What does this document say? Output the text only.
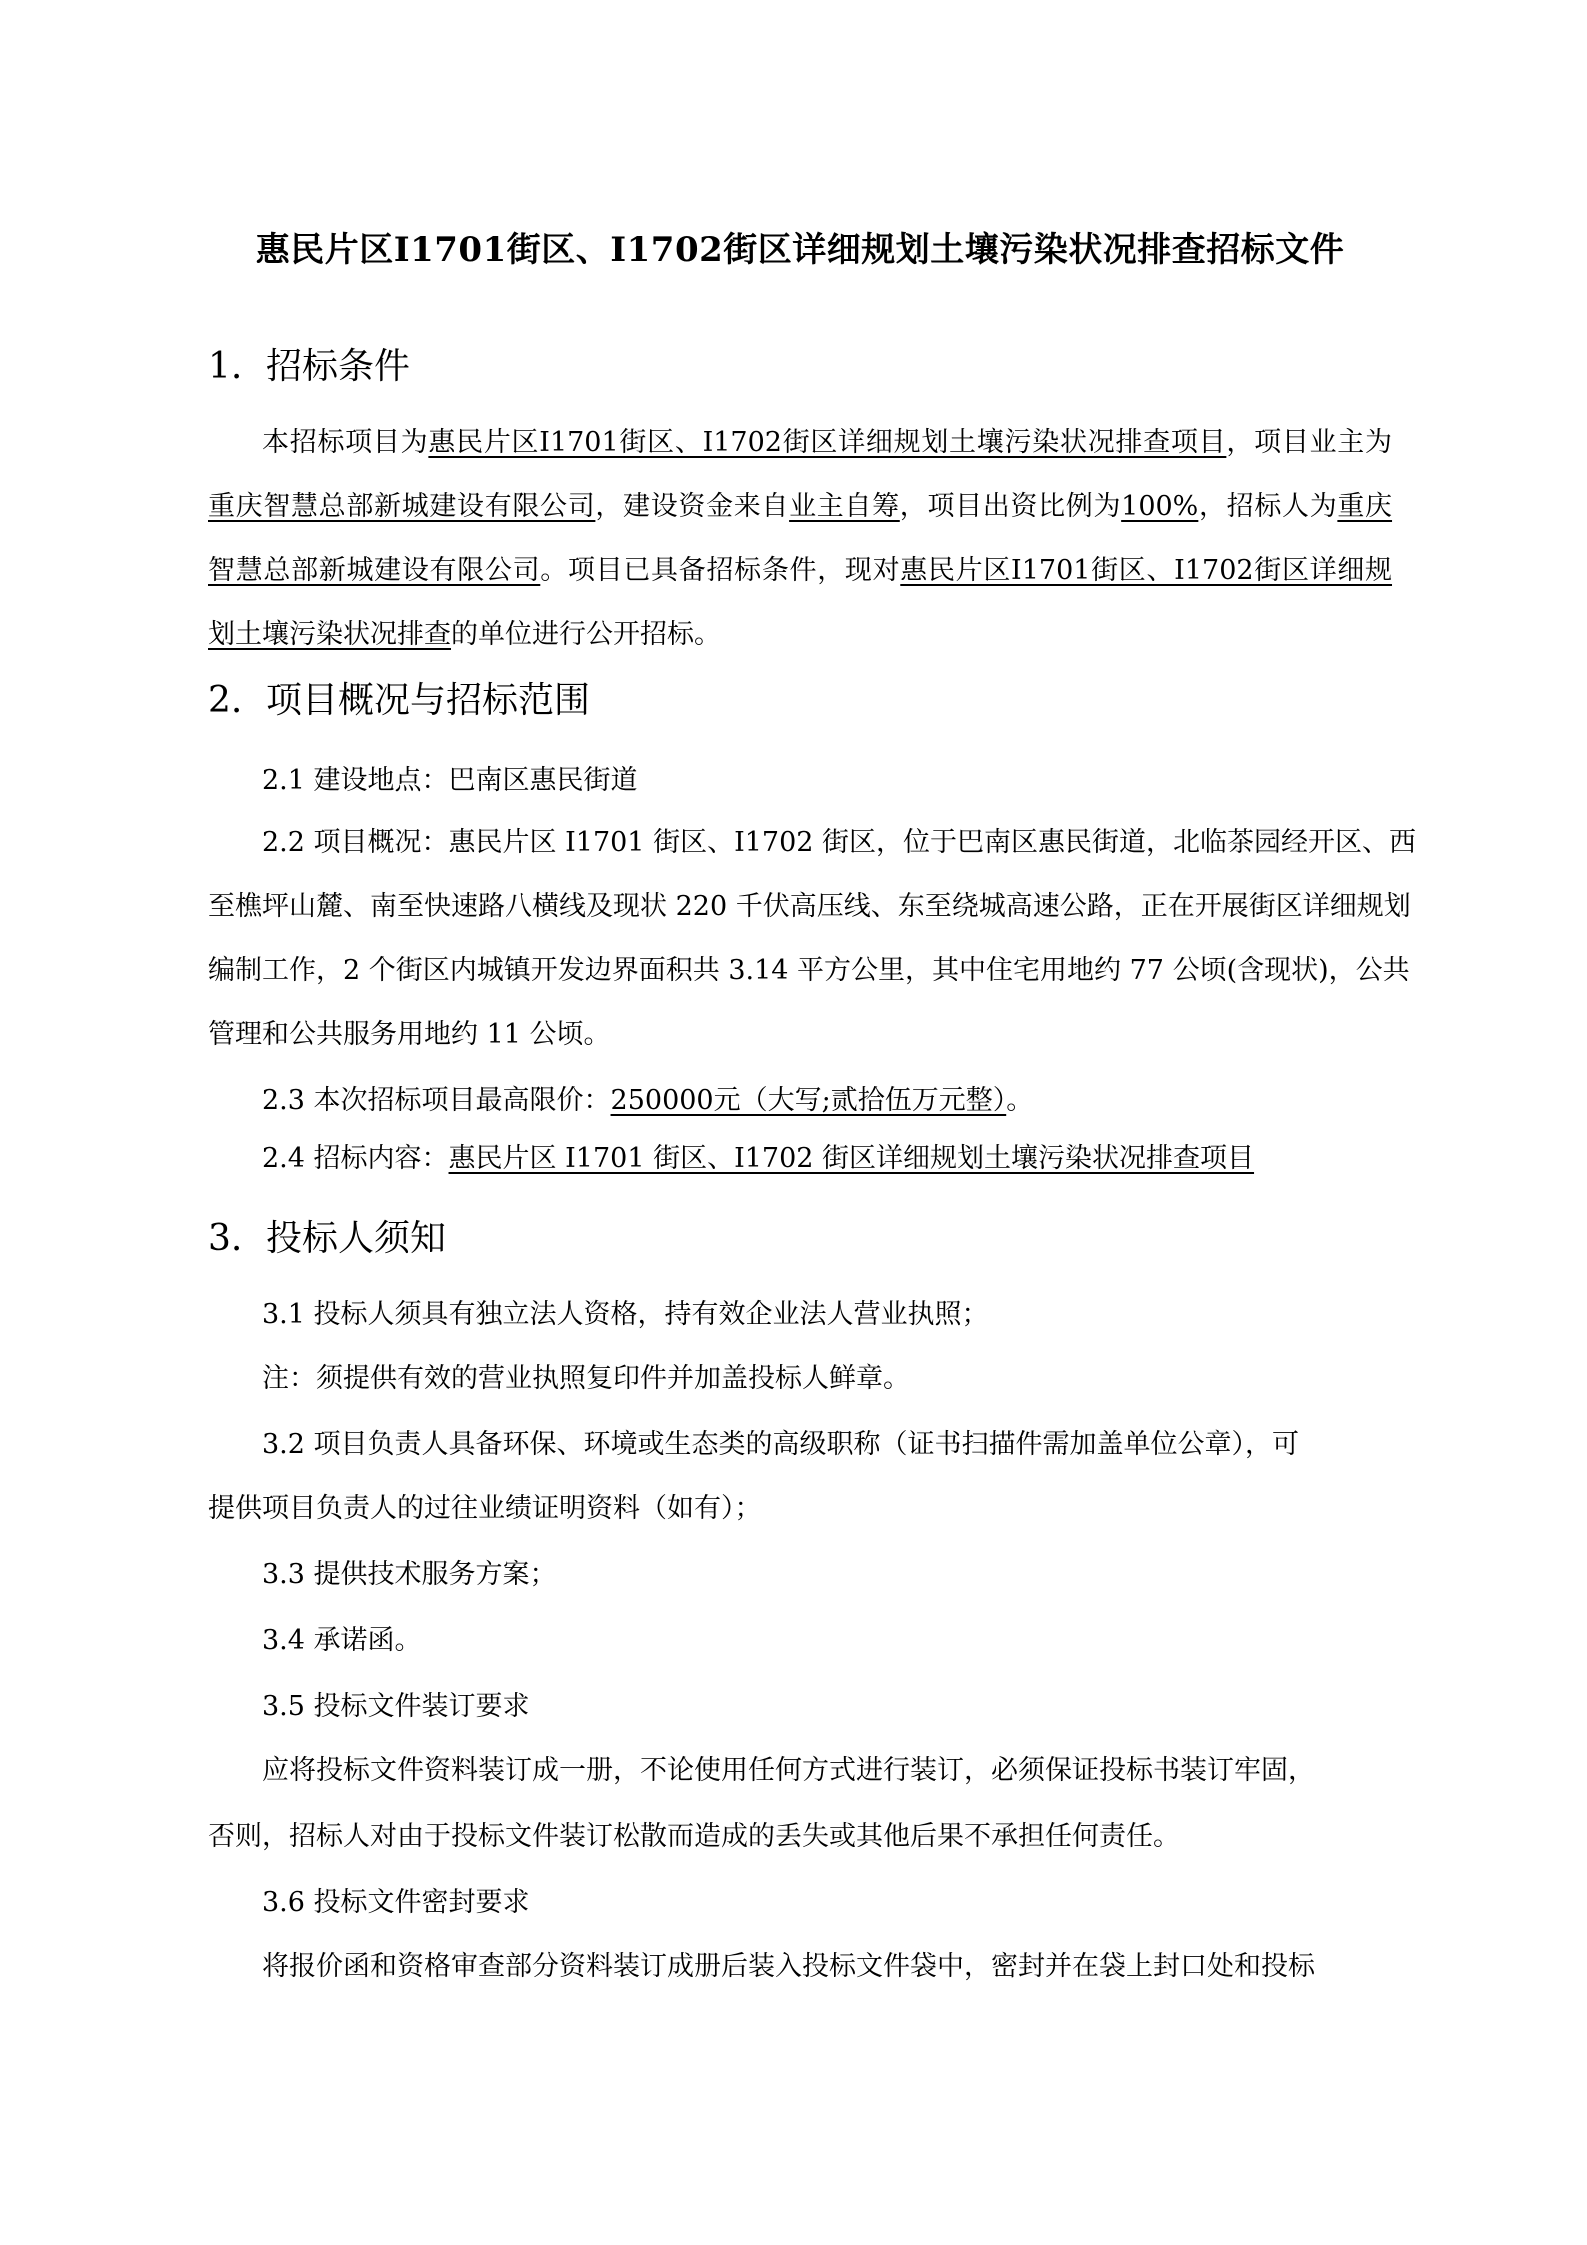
惠民片区I1701街区、I1702街区详细规划土壤污染状况排查招标文件
1. 招标条件
本招标项目为惠民片区I1701街区、I1702街区详细规划土壤污染状况排查项目，项目业主为
重庆智慧总部新城建设有限公司，建设资金来自业主自筹，项目出资比例为100%，招标人为重庆
智慧总部新城建设有限公司。项目已具备招标条件，现对惠民片区I1701街区、I1702街区详细规
划土壤污染状况排查的单位进行公开招标。
2. 项目概况与招标范围
2.1 建设地点：巴南区惠民街道
2.2 项目概况：惠民片区 I1701 街区、I1702 街区，位于巴南区惠民街道，北临茶园经开区、西
至樵坪山麓、南至快速路八横线及现状 220 千伏高压线、东至绕城高速公路，正在开展街区详细规划
编制工作，2 个街区内城镇开发边界面积共 3.14 平方公里，其中住宅用地约 77 公顷(含现状)，公共
管理和公共服务用地约 11 公顷。
2.3 本次招标项目最高限价：250000元（大写;贰拾伍万元整）。
2.4 招标内容：惠民片区 I1701 街区、I1702 街区详细规划土壤污染状况排查项目
3. 投标人须知
3.1 投标人须具有独立法人资格，持有效企业法人营业执照；
注：须提供有效的营业执照复印件并加盖投标人鲜章。
3.2 项目负责人具备环保、环境或生态类的高级职称（证书扫描件需加盖单位公章），可
提供项目负责人的过往业绩证明资料（如有）；
3.3 提供技术服务方案；
3.4 承诺函。
3.5 投标文件装订要求
应将投标文件资料装订成一册，不论使用任何方式进行装订，必须保证投标书装订牢固，
否则，招标人对由于投标文件装订松散而造成的丢失或其他后果不承担任何责任。
3.6 投标文件密封要求
将报价函和资格审查部分资料装订成册后装入投标文件袋中，密封并在袋上封口处和投标
